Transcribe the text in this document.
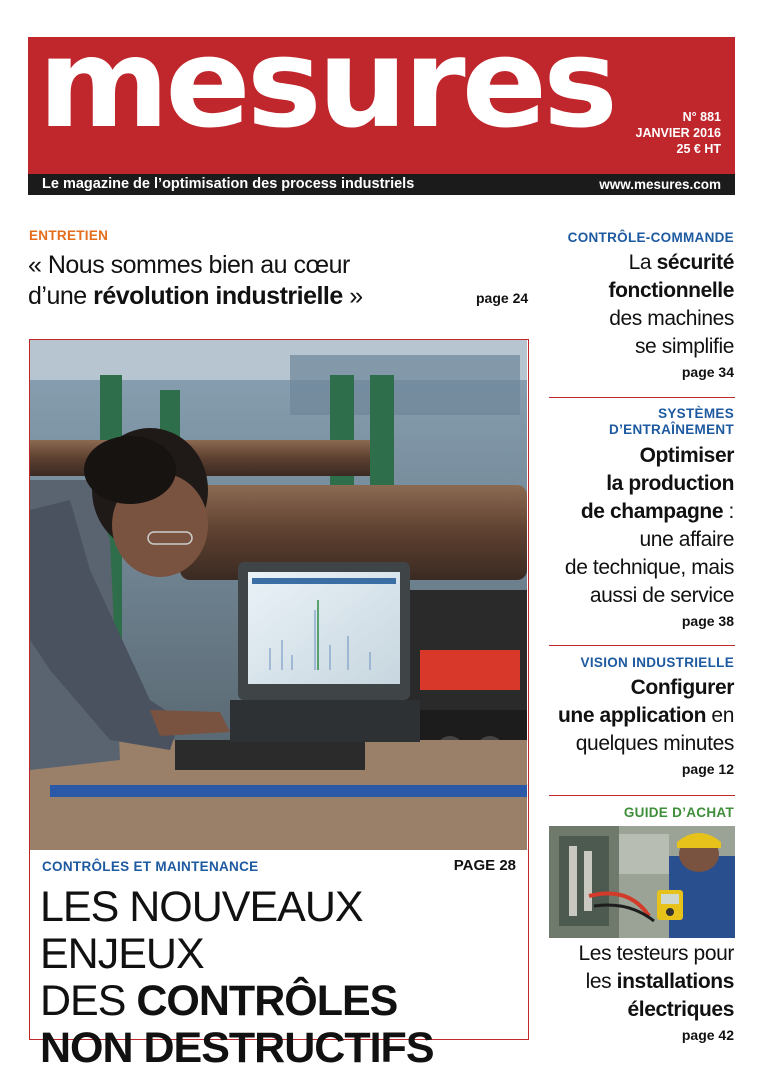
mesures	N° 881
JANVIER 2016
25 € HT
Le magazine de l’optimisation des process industriels	www.mesures.com
ENTRETIEN
« Nous sommes bien au cœur
d’une révolution industrielle »	page 24
CONTRÔLES ET MAINTENANCE	PAGE 28
LES NOUVEAUX ENJEUX
DES CONTRÔLES
NON DESTRUCTIFS
CONTRÔLE-COMMANDE
La sécurité
fonctionnelle
des machines
se simplifie
page 34
SYSTÈMES
D’ENTRAÎNEMENT
Optimiser
la production
de champagne :
une affaire
de technique, mais
aussi de service
page 38
VISION INDUSTRIELLE
Configurer
une application en
quelques minutes
page 12
GUIDE D’ACHAT
Les testeurs pour
les installations
électriques
page 42
